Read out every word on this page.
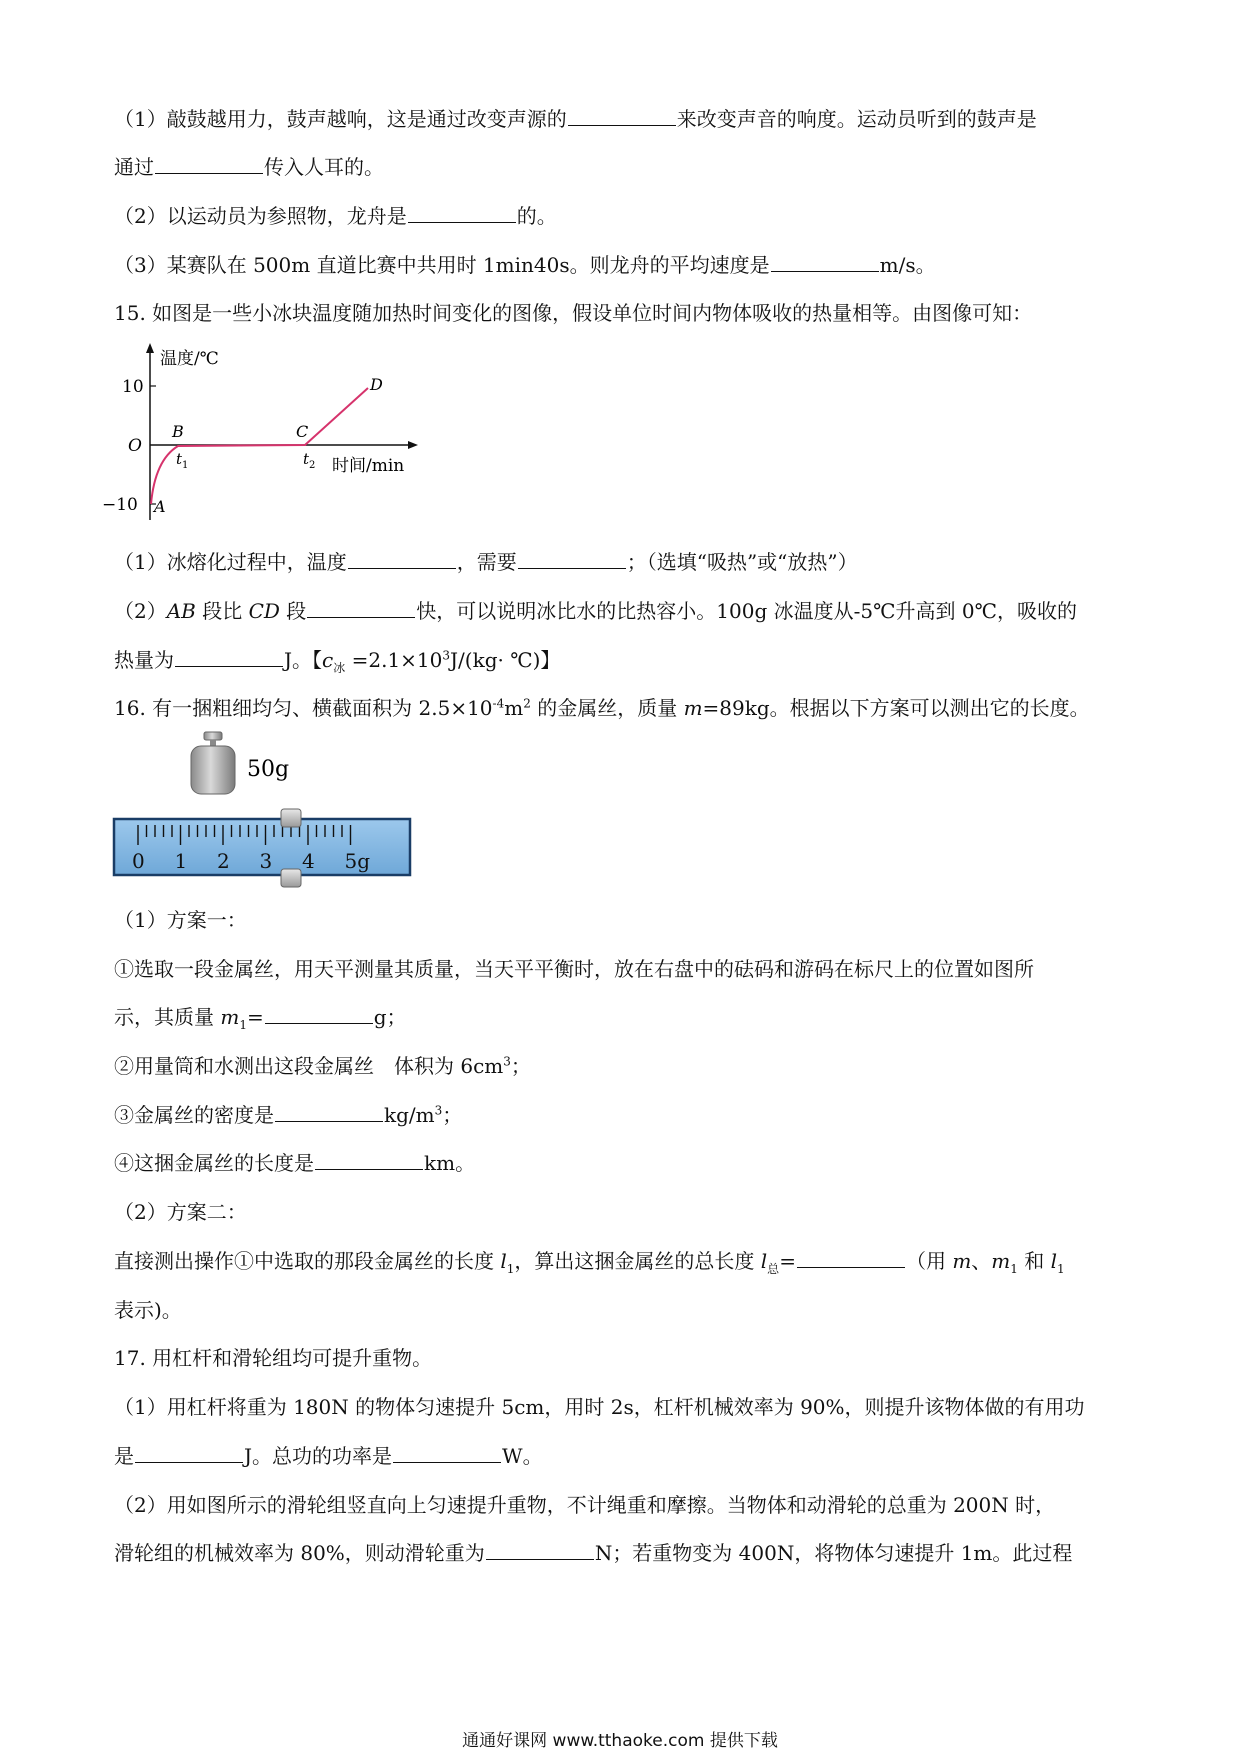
（1）敲鼓越用力，鼓声越响，这是通过改变声源的	来改变声音的响度。运动员听到的鼓声是
通过	传入人耳的。
（2）以运动员为参照物，龙舟是	的。
（3）某赛队在 500m 直道比赛中共用时 1min40s。则龙舟的平均速度是	m/s。
15. 如图是一些小冰块温度随加热时间变化的图像，假设单位时间内物体吸收的热量相等。由图像可知：
温度/℃
10
O
−10 A
B	C
D
$t_1$	$t_2$ 时间/min
（1）冰熔化过程中，温度	，需要	；（选填“吸热”或“放热”）
（2）AB 段比 CD 段	快，可以说明冰比水的比热容小。100g 冰温度从-5℃升高到 0℃，吸收的
热量为	J。【$c_冰 =2.1\times 10^3J/(kg\cdot$ ℃)】
16. 有一捆粗细均匀、横截面积为 $2.5\times 10^{-4}m^2$ 的金属丝，质量 m=89kg。根据以下方案可以测出它的长度。
50g
0 1 2 3 4 5g
（1）方案一：
①选取一段金属丝，用天平测量其质量，当天平平衡时，放在右盘中的砝码和游码在标尺上的位置如图所
示，其质量 $m_1=$	g；
②用量筒和水测出这段金属丝　体积为 $6cm^3$；
③金属丝的密度是	$kg/m^3$；
④这捆金属丝的长度是	km。
（2）方案二：
直接测出操作①中选取的那段金属丝的长度 $l_1$，算出这捆金属丝的总长度 $l_总=$	（用 m、$m_1$ 和 $l_1$
表示)。
17. 用杠杆和滑轮组均可提升重物。
（1）用杠杆将重为 180N 的物体匀速提升 5cm，用时 2s，杠杆机械效率为 90%，则提升该物体做的有用功
是	J。总功的功率是	W。
（2）用如图所示的滑轮组竖直向上匀速提升重物，不计绳重和摩擦。当物体和动滑轮的总重为 200N 时，
滑轮组的机械效率为 80%，则动滑轮重为	N；若重物变为 400N，将物体匀速提升 1m。此过程
通通好课网 www.tthaoke.com 提供下载
